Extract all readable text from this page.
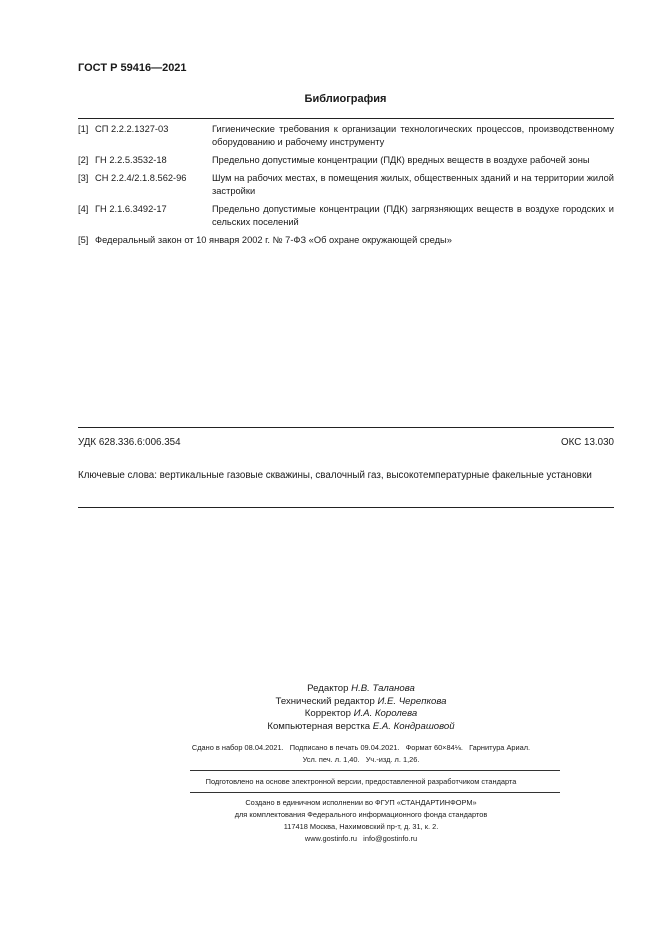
ГОСТ Р 59416—2021
Библиография
[1] СП 2.2.2.1327-03	Гигиенические требования к организации технологических процессов, производственному оборудованию и рабочему инструменту
[2] ГН 2.2.5.3532-18	Предельно допустимые концентрации (ПДК) вредных веществ в воздухе рабочей зоны
[3] СН 2.2.4/2.1.8.562-96	Шум на рабочих местах, в помещения жилых, общественных зданий и на территории жилой застройки
[4] ГН 2.1.6.3492-17	Предельно допустимые концентрации (ПДК) загрязняющих веществ в воздухе городских и сельских поселений
[5] Федеральный закон от 10 января 2002 г. № 7-ФЗ «Об охране окружающей среды»
УДК 628.336.6:006.354	ОКС 13.030
Ключевые слова: вертикальные газовые скважины, свалочный газ, высокотемпературные факельные установки
Редактор Н.В. Таланова
Технический редактор И.Е. Черепкова
Корректор И.А. Королева
Компьютерная верстка Е.А. Кондрашовой
Сдано в набор 08.04.2021.   Подписано в печать 09.04.2021.   Формат 60×84⅛.   Гарнитура Ариал.
Усл. печ. л. 1,40.   Уч.-изд. л. 1,26.
Подготовлено на основе электронной версии, предоставленной разработчиком стандарта
Создано в единичном исполнении во ФГУП «СТАНДАРТИНФОРМ»
для комплектования Федерального информационного фонда стандартов
117418 Москва, Нахимовский пр-т, д. 31, к. 2.
www.gostinfo.ru   info@gostinfo.ru
